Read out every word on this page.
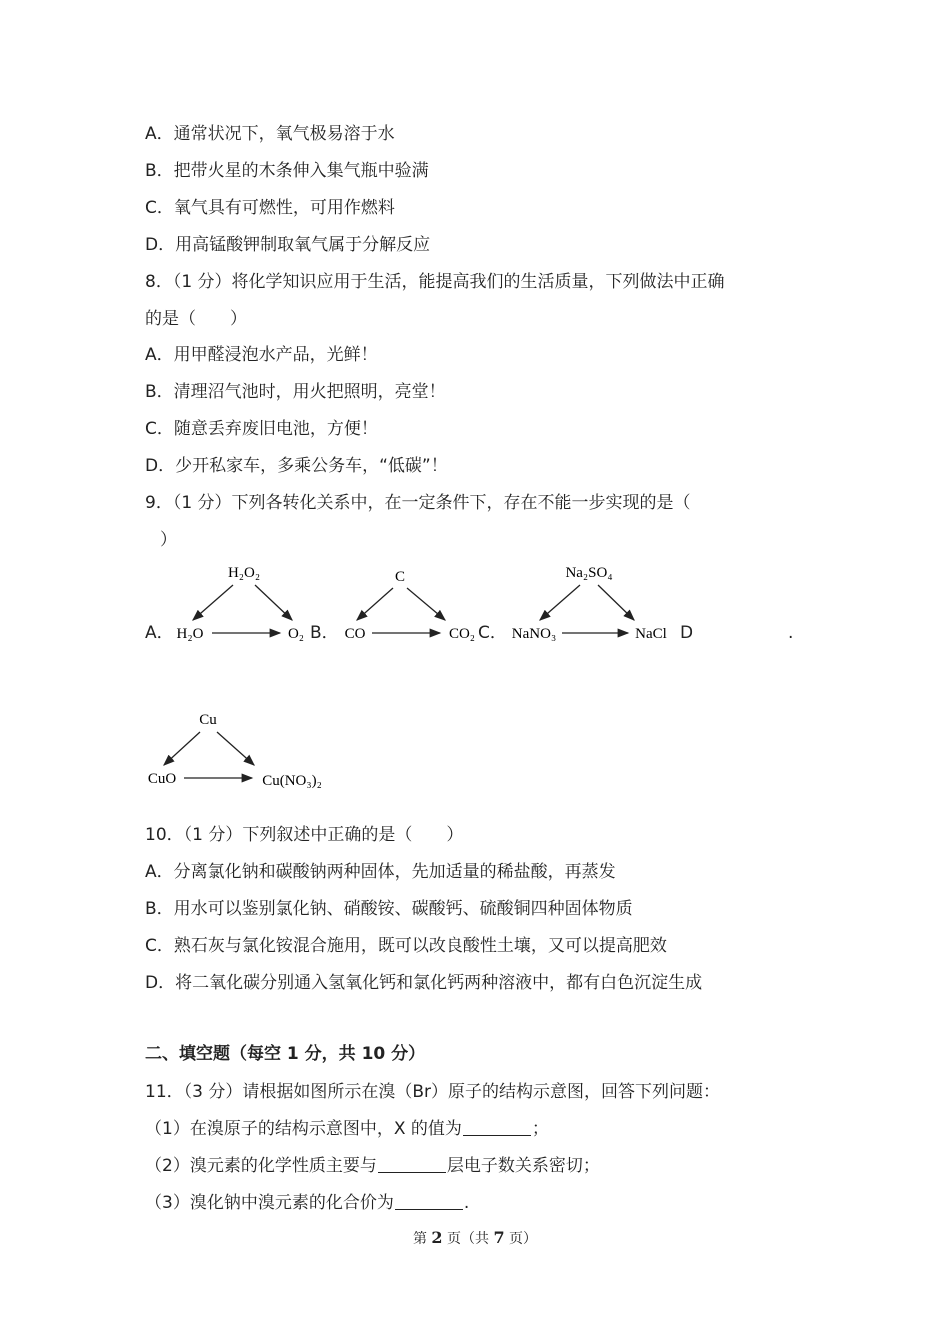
A．通常状况下，氧气极易溶于水
B．把带火星的木条伸入集气瓶中验满
C．氧气具有可燃性，可用作燃料
D．用高锰酸钾制取氧气属于分解反应
8．（1 分）将化学知识应用于生活，能提高我们的生活质量，下列做法中正确
的是（　　）
A．用甲醛浸泡水产品，光鲜！
B．清理沼气池时，用火把照明，亮堂！
C．随意丢弃废旧电池，方便！
D．少开私家车，多乘公务车，“低碳”！
9．（1 分）下列各转化关系中，在一定条件下，存在不能一步实现的是（
）
A．	B．	C．	D	.
H₂O₂
H₂O	O₂
C
CO	CO₂
Na₂SO₄
NaNO₃	NaCl
Cu
CuO	Cu(NO₃)₂
10．（1 分）下列叙述中正确的是（　　）
A．分离氯化钠和碳酸钠两种固体，先加适量的稀盐酸，再蒸发
B．用水可以鉴别氯化钠、硝酸铵、碳酸钙、硫酸铜四种固体物质
C．熟石灰与氯化铵混合施用，既可以改良酸性土壤，又可以提高肥效
D．将二氧化碳分别通入氢氧化钙和氯化钙两种溶液中，都有白色沉淀生成
二、填空题（每空 1 分，共 10 分）
11．（3 分）请根据如图所示在溴（Br）原子的结构示意图，回答下列问题：
（1）在溴原子的结构示意图中，X 的值为	；
（2）溴元素的化学性质主要与	层电子数关系密切；
（3）溴化钠中溴元素的化合价为	.
第 2 页（共 7 页）
